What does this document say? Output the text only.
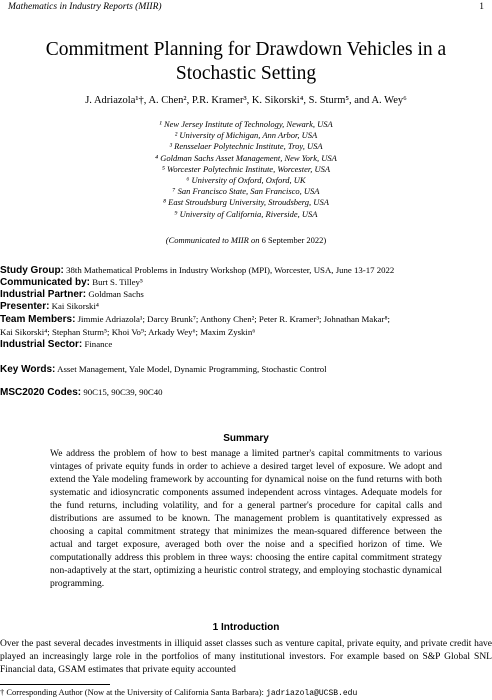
Mathematics in Industry Reports (MIIR)	1
Commitment Planning for Drawdown Vehicles in a
Stochastic Setting
J. Adriazola¹†, A. Chen², P.R. Kramer³, K. Sikorski⁴, S. Sturm⁵, and A. Wey⁶
¹ New Jersey Institute of Technology, Newark, USA
² University of Michigan, Ann Arbor, USA
³ Rensselaer Polytechnic Institute, Troy, USA
⁴ Goldman Sachs Asset Management, New York, USA
⁵ Worcester Polytechnic Institute, Worcester, USA
⁶ University of Oxford, Oxford, UK
⁷ San Francisco State, San Francisco, USA
⁸ East Stroudsburg University, Stroudsberg, USA
⁹ University of California, Riverside, USA
(Communicated to MIIR on 6 September 2022)
Study Group: 38th Mathematical Problems in Industry Workshop (MPI), Worcester, USA, June 13-17 2022
Communicated by: Burt S. Tilley⁵
Industrial Partner: Goldman Sachs
Presenter: Kai Sikorski⁴
Team Members: Jimmie Adriazola¹; Darcy Brunk⁷; Anthony Chen²; Peter R. Kramer³; Johnathan Makar⁸;
Kai Sikorski⁴; Stephan Sturm⁵; Khoi Vo⁹; Arkady Wey⁶; Maxim Zyskin⁶
Industrial Sector: Finance
Key Words: Asset Management, Yale Model, Dynamic Programming, Stochastic Control
MSC2020 Codes: 90C15, 90C39, 90C40
Summary
We address the problem of how to best manage a limited partner's capital commitments to various vintages of private equity funds in order to achieve a desired target level of exposure. We adopt and extend the Yale modeling framework by accounting for dynamical noise on the fund returns with both systematic and idiosyncratic components assumed independent across vintages. Adequate models for the fund returns, including volatility, and for a general partner's procedure for capital calls and distributions are assumed to be known. The management problem is quantitatively expressed as choosing a capital commitment strategy that minimizes the mean-squared difference between the actual and target exposure, averaged both over the noise and a specified horizon of time. We computationally address this problem in three ways: choosing the entire capital commitment strategy non-adaptively at the start, optimizing a heuristic control strategy, and employing stochastic dynamical programming.
1 Introduction
Over the past several decades investments in illiquid asset classes such as venture capital, private equity, and private credit have played an increasingly large role in the portfolios of many institutional investors. For example based on S&P Global SNL Financial data, GSAM estimates that private equity accounted
† Corresponding Author (Now at the University of California Santa Barbara): jadriazola@UCSB.edu
